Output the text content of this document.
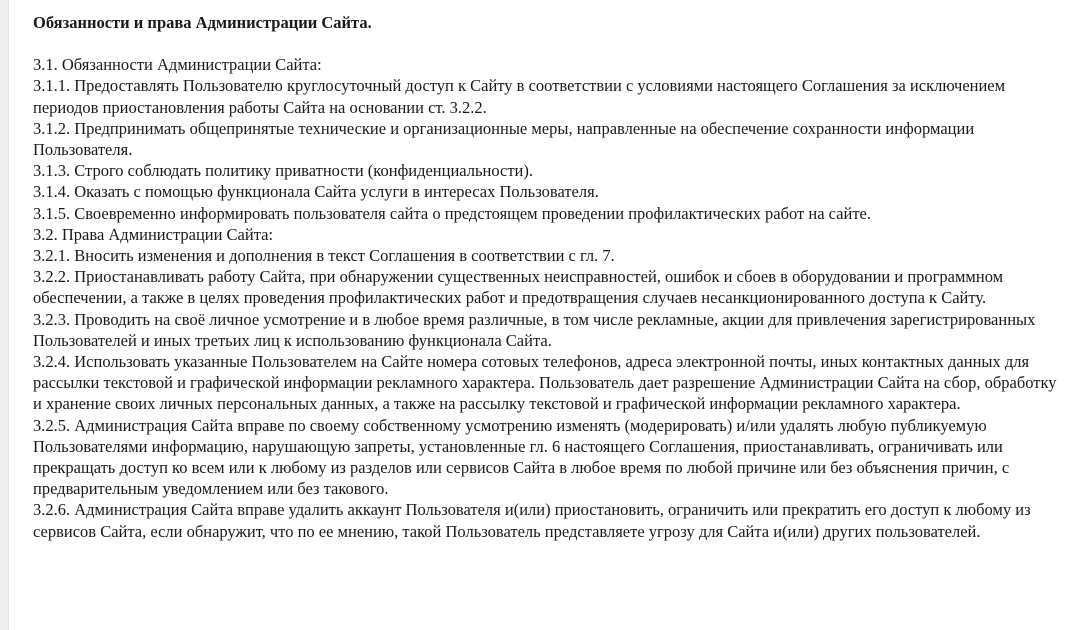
Обязанности и права Администрации Сайта.

3.1. Обязанности Администрации Сайта:

3.1.1. Предоставлять Пользователю круглосуточный доступ к Сайту в соответствии с условиями настоящего Соглашения за исключением периодов приостановления работы Сайта на основании ст. 3.2.2.

3.1.2. Предпринимать общепринятые технические и организационные меры, направленные на обеспечение сохранности информации Пользователя.

3.1.3. Строго соблюдать политику приватности (конфиденциальности).

3.1.4. Оказать с помощью функционала Сайта услуги в интересах Пользователя.

3.1.5. Своевременно информировать пользователя сайта о предстоящем проведении профилактических работ на сайте.

3.2. Права Администрации Сайта:

3.2.1. Вносить изменения и дополнения в текст Соглашения в соответствии с гл. 7.

3.2.2. Приостанавливать работу Сайта, при обнаружении существенных неисправностей, ошибок и сбоев в оборудовании и программном обеспечении, а также в целях проведения профилактических работ и предотвращения случаев несанкционированного доступа к Сайту.

3.2.3. Проводить на своё личное усмотрение и в любое время различные, в том числе рекламные, акции для привлечения зарегистрированных Пользователей и иных третьих лиц к использованию функционала Сайта.

3.2.4. Использовать указанные Пользователем на Сайте номера сотовых телефонов, адреса электронной почты, иных контактных данных для рассылки текстовой и графической информации рекламного характера. Пользователь дает разрешение Администрации Сайта на сбор, обработку и хранение своих личных персональных данных, а также на рассылку текстовой и графической информации рекламного характера.

3.2.5. Администрация Сайта вправе по своему собственному усмотрению изменять (модерировать) и/или удалять любую публикуемую Пользователями информацию, нарушающую запреты, установленные гл. 6 настоящего Соглашения, приостанавливать, ограничивать или прекращать доступ ко всем или к любому из разделов или сервисов Сайта в любое время по любой причине или без объяснения причин, с предварительным уведомлением или без такового.

3.2.6. Администрация Сайта вправе удалить аккаунт Пользователя и(или) приостановить, ограничить или прекратить его доступ к любому из сервисов Сайта, если обнаружит, что по ее мнению, такой Пользователь представляете угрозу для Сайта и(или) других пользователей.
